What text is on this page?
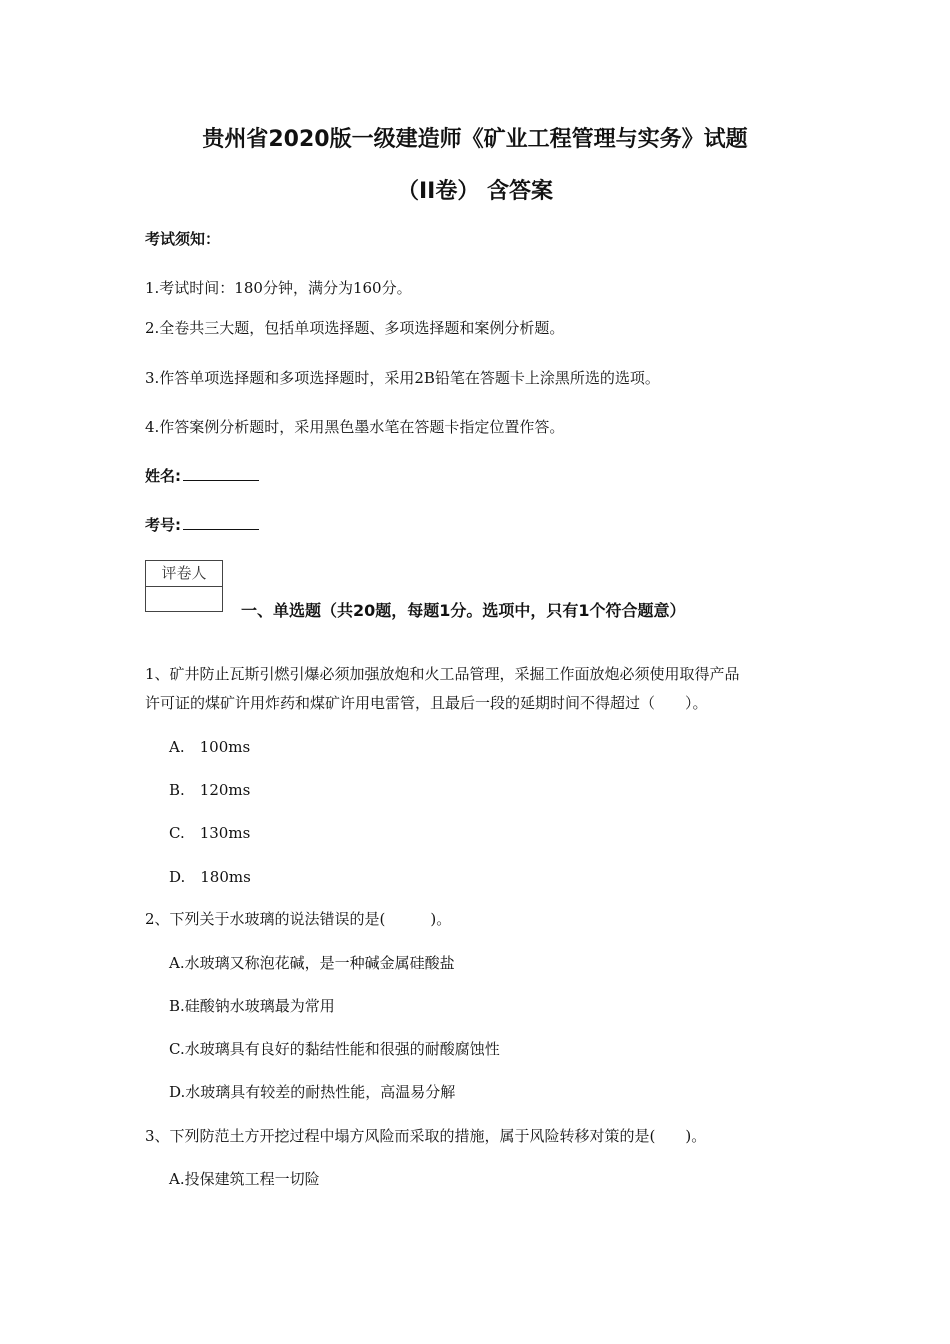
贵州省2020版一级建造师《矿业工程管理与实务》试题
（II卷） 含答案
考试须知：
1.考试时间：180分钟，满分为160分。
2.全卷共三大题，包括单项选择题、多项选择题和案例分析题。
3.作答单项选择题和多项选择题时，采用2B铅笔在答题卡上涂黑所选的选项。
4.作答案例分析题时，采用黑色墨水笔在答题卡指定位置作答。
姓名:
考号:
评卷人
一、单选题（共20题，每题1分。选项中，只有1个符合题意）
1、矿井防止瓦斯引燃引爆必须加强放炮和火工品管理，采掘工作面放炮必须使用取得产品
许可证的煤矿许用炸药和煤矿许用电雷管，且最后一段的延期时间不得超过（　　）。
A.　100ms
B.　120ms
C.　130ms
D.　180ms
2、下列关于水玻璃的说法错误的是(　　　)。
A.水玻璃又称泡花碱，是一种碱金属硅酸盐
B.硅酸钠水玻璃最为常用
C.水玻璃具有良好的黏结性能和很强的耐酸腐蚀性
D.水玻璃具有较差的耐热性能，高温易分解
3、下列防范土方开挖过程中塌方风险而采取的措施，属于风险转移对策的是(　　)。
A.投保建筑工程一切险
